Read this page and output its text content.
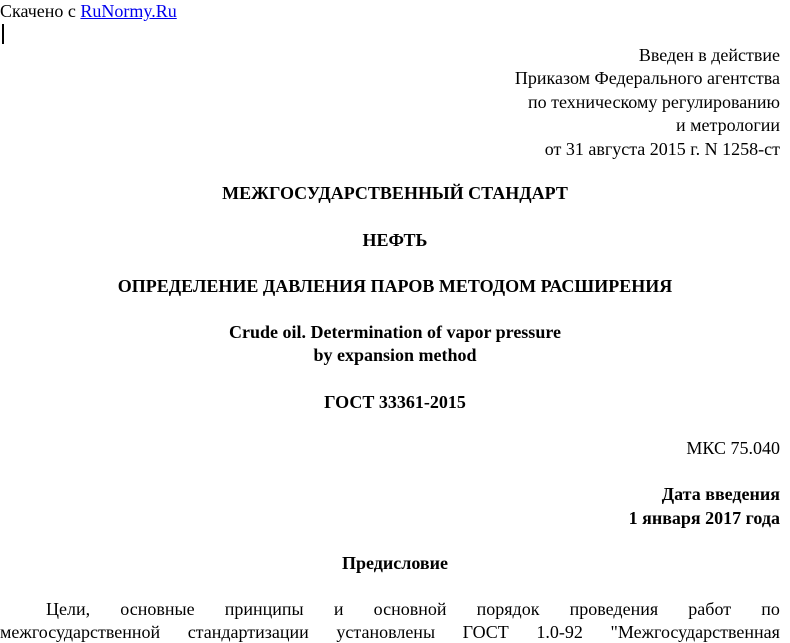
Скачено с RuNormy.Ru
Введен в действие
Приказом Федерального агентства
по техническому регулированию
и метрологии
от 31 августа 2015 г. N 1258-ст
МЕЖГОСУДАРСТВЕННЫЙ СТАНДАРТ
НЕФТЬ
ОПРЕДЕЛЕНИЕ ДАВЛЕНИЯ ПАРОВ МЕТОДОМ РАСШИРЕНИЯ
Crude oil. Determination of vapor pressure
by expansion method
ГОСТ 33361-2015
МКС 75.040
Дата введения
1 января 2017 года
Предисловие
Цели, основные принципы и основной порядок проведения работ по
межгосударственной стандартизации установлены ГОСТ 1.0-92 "Межгосударственная
